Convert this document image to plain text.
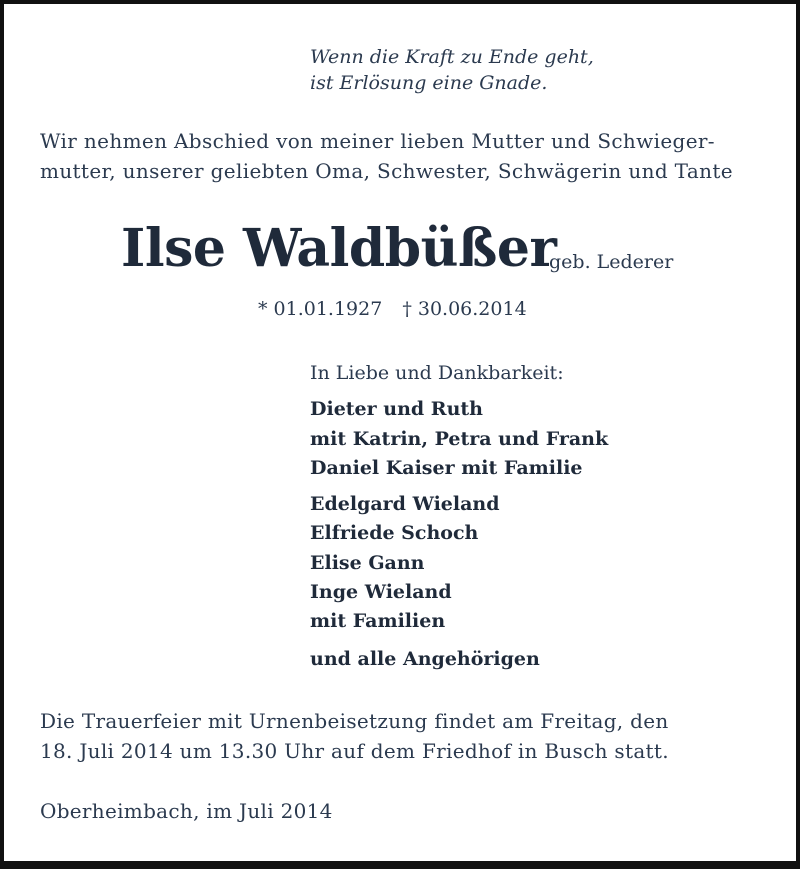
Wenn die Kraft zu Ende geht,
ist Erlösung eine Gnade.
Wir nehmen Abschied von meiner lieben Mutter und Schwieger-
mutter, unserer geliebten Oma, Schwester, Schwägerin und Tante
Ilse Waldbüßer
geb. Lederer
* 01.01.1927 † 30.06.2014
In Liebe und Dankbarkeit:
Dieter und Ruth
mit Katrin, Petra und Frank
Daniel Kaiser mit Familie
Edelgard Wieland
Elfriede Schoch
Elise Gann
Inge Wieland
mit Familien
und alle Angehörigen
Die Trauerfeier mit Urnenbeisetzung findet am Freitag, den
18. Juli 2014 um 13.30 Uhr auf dem Friedhof in Busch statt.
Oberheimbach, im Juli 2014
